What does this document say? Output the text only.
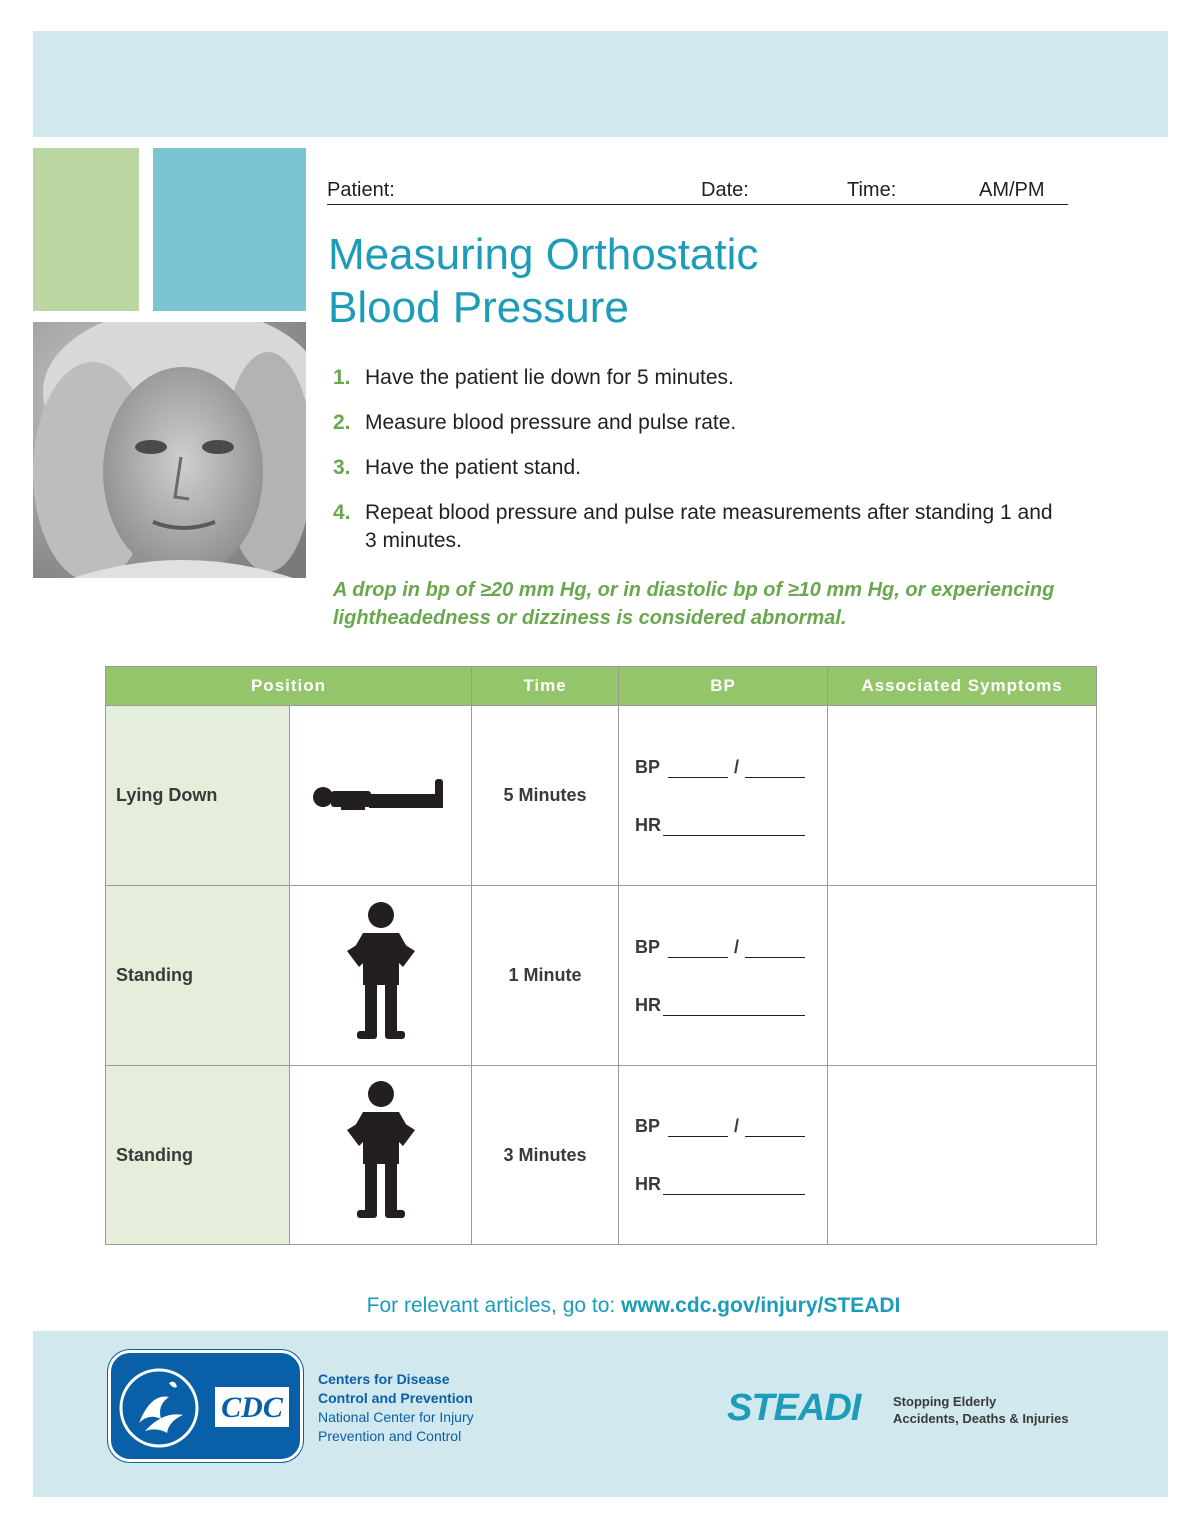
Patient:	Date:	Time:	AM/PM
Measuring Orthostatic
Blood Pressure
1. Have the patient lie down for 5 minutes.
2. Measure blood pressure and pulse rate.
3. Have the patient stand.
4. Repeat blood pressure and pulse rate measurements after standing 1 and 3 minutes.
A drop in bp of ≥20 mm Hg, or in diastolic bp of ≥10 mm Hg, or experiencing lightheadedness or dizziness is considered abnormal.
Position		Time	BP	Associated Symptoms
Lying Down		5 Minutes	BP /
HR	

Standing		1 Minute	BP /
HR	

Standing		3 Minutes	BP /
HR	

For relevant articles, go to: www.cdc.gov/injury/STEADI
CDC
Centers for Disease
Control and Prevention
National Center for Injury
Prevention and Control
STEADI	Stopping Elderly
Accidents, Deaths & Injuries
